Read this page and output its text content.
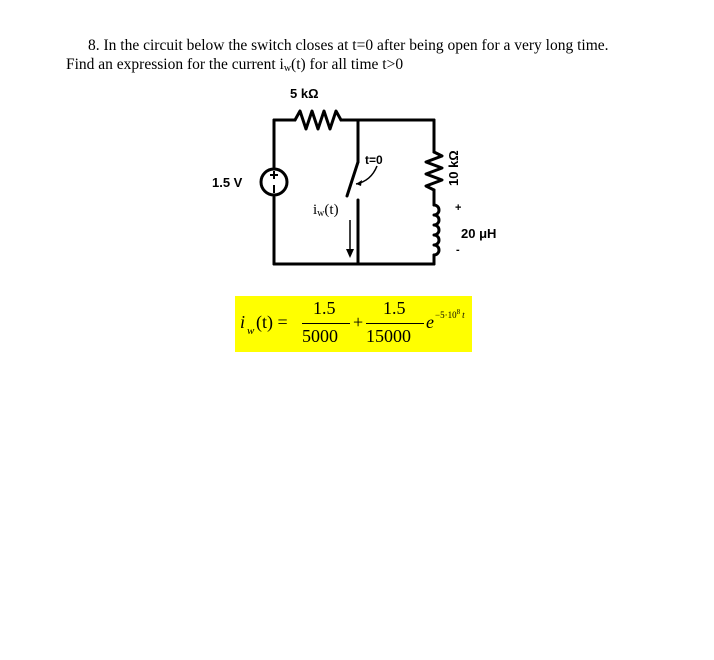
8. In the circuit below the switch closes at t=0 after being open for a very long time.
Find an expression for the current $i_w(t)$ for all time t>0
5 kΩ
1.5 V
t=0
$i_w(t)$
10 kΩ
+
-
20 μH
i w (t) =
1.5
5000
+
1.5
15000
$e -5\cdot 10^8$ t
